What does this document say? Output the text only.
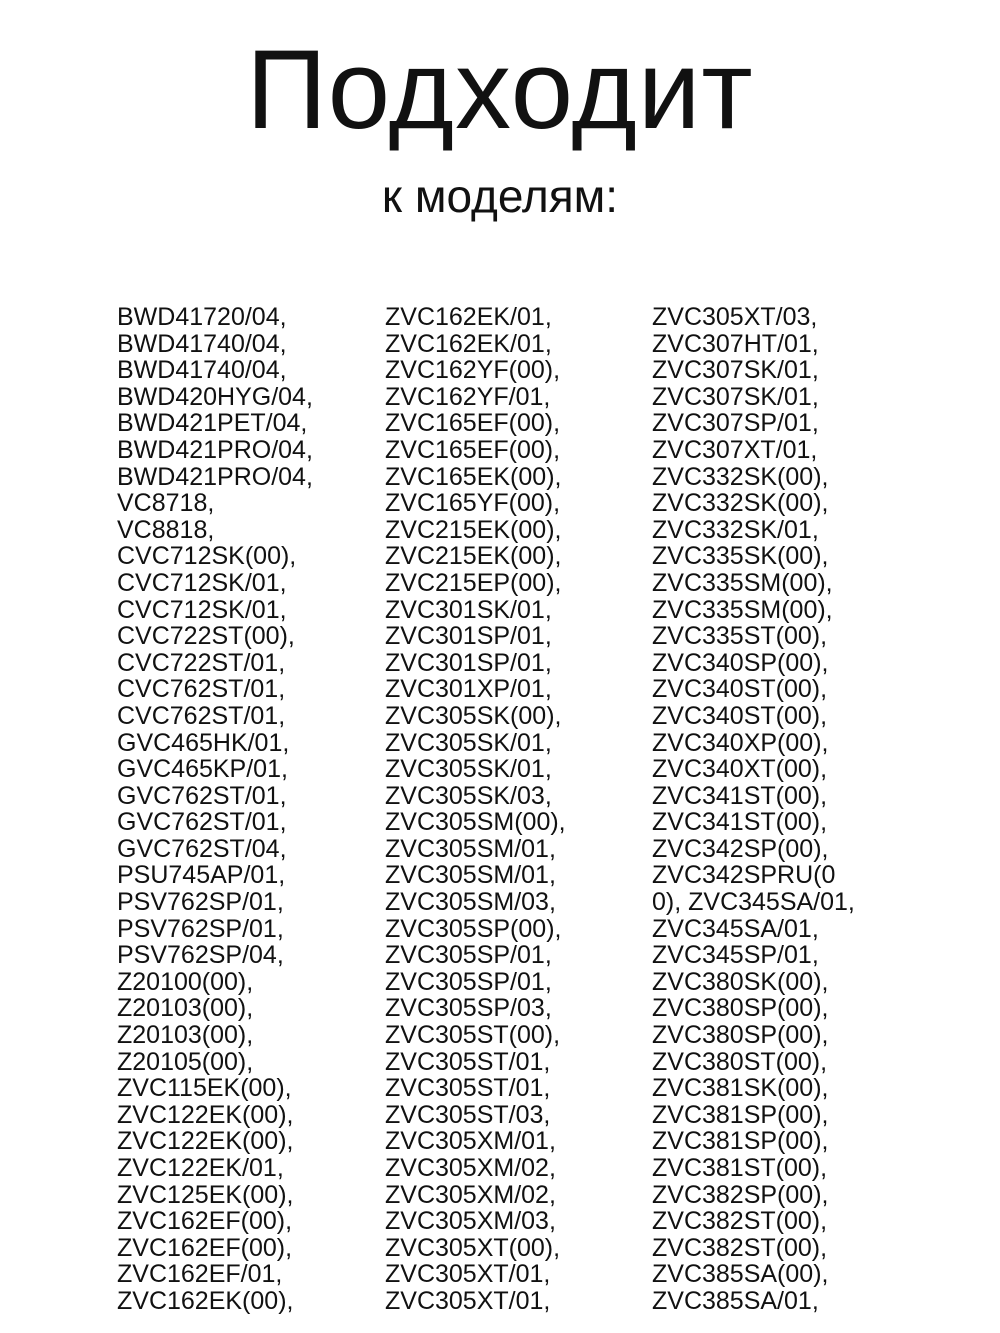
Подходит
к моделям:
BWD41720/04,
BWD41740/04,
BWD41740/04,
BWD420HYG/04,
BWD421PET/04,
BWD421PRO/04,
BWD421PRO/04,
VC8718,
VC8818,
CVC712SK(00),
CVC712SK/01,
CVC712SK/01,
CVC722ST(00),
CVC722ST/01,
CVC762ST/01,
CVC762ST/01,
GVC465HK/01,
GVC465KP/01,
GVC762ST/01,
GVC762ST/01,
GVC762ST/04,
PSU745AP/01,
PSV762SP/01,
PSV762SP/01,
PSV762SP/04,
Z20100(00),
Z20103(00),
Z20103(00),
Z20105(00),
ZVC115EK(00),
ZVC122EK(00),
ZVC122EK(00),
ZVC122EK/01,
ZVC125EK(00),
ZVC162EF(00),
ZVC162EF(00),
ZVC162EF/01,
ZVC162EK(00),
ZVC162EK/01,
ZVC162EK/01,
ZVC162YF(00),
ZVC162YF/01,
ZVC165EF(00),
ZVC165EF(00),
ZVC165EK(00),
ZVC165YF(00),
ZVC215EK(00),
ZVC215EK(00),
ZVC215EP(00),
ZVC301SK/01,
ZVC301SP/01,
ZVC301SP/01,
ZVC301XP/01,
ZVC305SK(00),
ZVC305SK/01,
ZVC305SK/01,
ZVC305SK/03,
ZVC305SM(00),
ZVC305SM/01,
ZVC305SM/01,
ZVC305SM/03,
ZVC305SP(00),
ZVC305SP/01,
ZVC305SP/01,
ZVC305SP/03,
ZVC305ST(00),
ZVC305ST/01,
ZVC305ST/01,
ZVC305ST/03,
ZVC305XM/01,
ZVC305XM/02,
ZVC305XM/02,
ZVC305XM/03,
ZVC305XT(00),
ZVC305XT/01,
ZVC305XT/01,
ZVC305XT/03,
ZVC307HT/01,
ZVC307SK/01,
ZVC307SK/01,
ZVC307SP/01,
ZVC307XT/01,
ZVC332SK(00),
ZVC332SK(00),
ZVC332SK/01,
ZVC335SK(00),
ZVC335SM(00),
ZVC335SM(00),
ZVC335ST(00),
ZVC340SP(00),
ZVC340ST(00),
ZVC340ST(00),
ZVC340XP(00),
ZVC340XT(00),
ZVC341ST(00),
ZVC341ST(00),
ZVC342SP(00),
ZVC342SPRU(0
0), ZVC345SA/01,
ZVC345SA/01,
ZVC345SP/01,
ZVC380SK(00),
ZVC380SP(00),
ZVC380SP(00),
ZVC380ST(00),
ZVC381SK(00),
ZVC381SP(00),
ZVC381SP(00),
ZVC381ST(00),
ZVC382SP(00),
ZVC382ST(00),
ZVC382ST(00),
ZVC385SA(00),
ZVC385SA/01,
